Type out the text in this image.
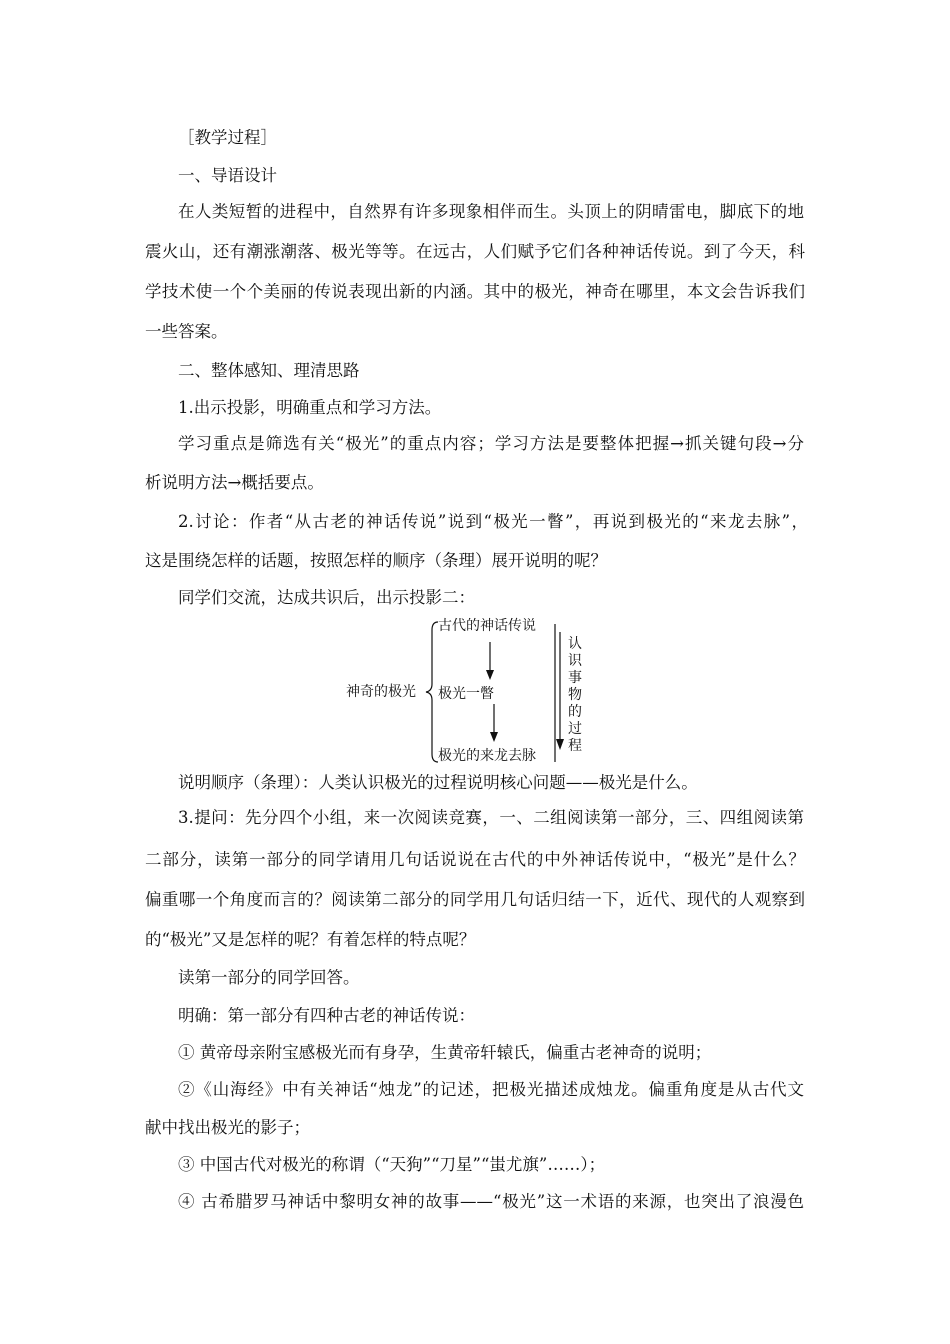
［教学过程］
一、导语设计
在人类短暂的进程中，自然界有许多现象相伴而生。头顶上的阴晴雷电，脚底下的地
震火山，还有潮涨潮落、极光等等。在远古，人们赋予它们各种神话传说。到了今天，科
学技术使一个个美丽的传说表现出新的内涵。其中的极光，神奇在哪里，本文会告诉我们
一些答案。
二、整体感知、理清思路
1.出示投影，明确重点和学习方法。
学习重点是筛选有关“极光”的重点内容；学习方法是要整体把握→抓关键句段→分
析说明方法→概括要点。
2.讨论：作者“从古老的神话传说”说到“极光一瞥”，再说到极光的“来龙去脉”，
这是围绕怎样的话题，按照怎样的顺序（条理）展开说明的呢？
同学们交流，达成共识后，出示投影二：
神奇的极光
古代的神话传说
极光一瞥
极光的来龙去脉
认识事物的过程
说明顺序（条理）：人类认识极光的过程说明核心问题——极光是什么。
3.提问：先分四个小组，来一次阅读竞赛，一、二组阅读第一部分，三、四组阅读第
二部分，读第一部分的同学请用几句话说说在古代的中外神话传说中，“极光”是什么？
偏重哪一个角度而言的？阅读第二部分的同学用几句话归结一下，近代、现代的人观察到
的“极光”又是怎样的呢？有着怎样的特点呢？
读第一部分的同学回答。
明确：第一部分有四种古老的神话传说：
① 黄帝母亲附宝感极光而有身孕，生黄帝轩辕氏，偏重古老神奇的说明；
②《山海经》中有关神话“烛龙”的记述，把极光描述成烛龙。偏重角度是从古代文
献中找出极光的影子；
③ 中国古代对极光的称谓（“天狗”“刀星”“蚩尤旗”……）；
④ 古希腊罗马神话中黎明女神的故事——“极光”这一术语的来源，也突出了浪漫色
